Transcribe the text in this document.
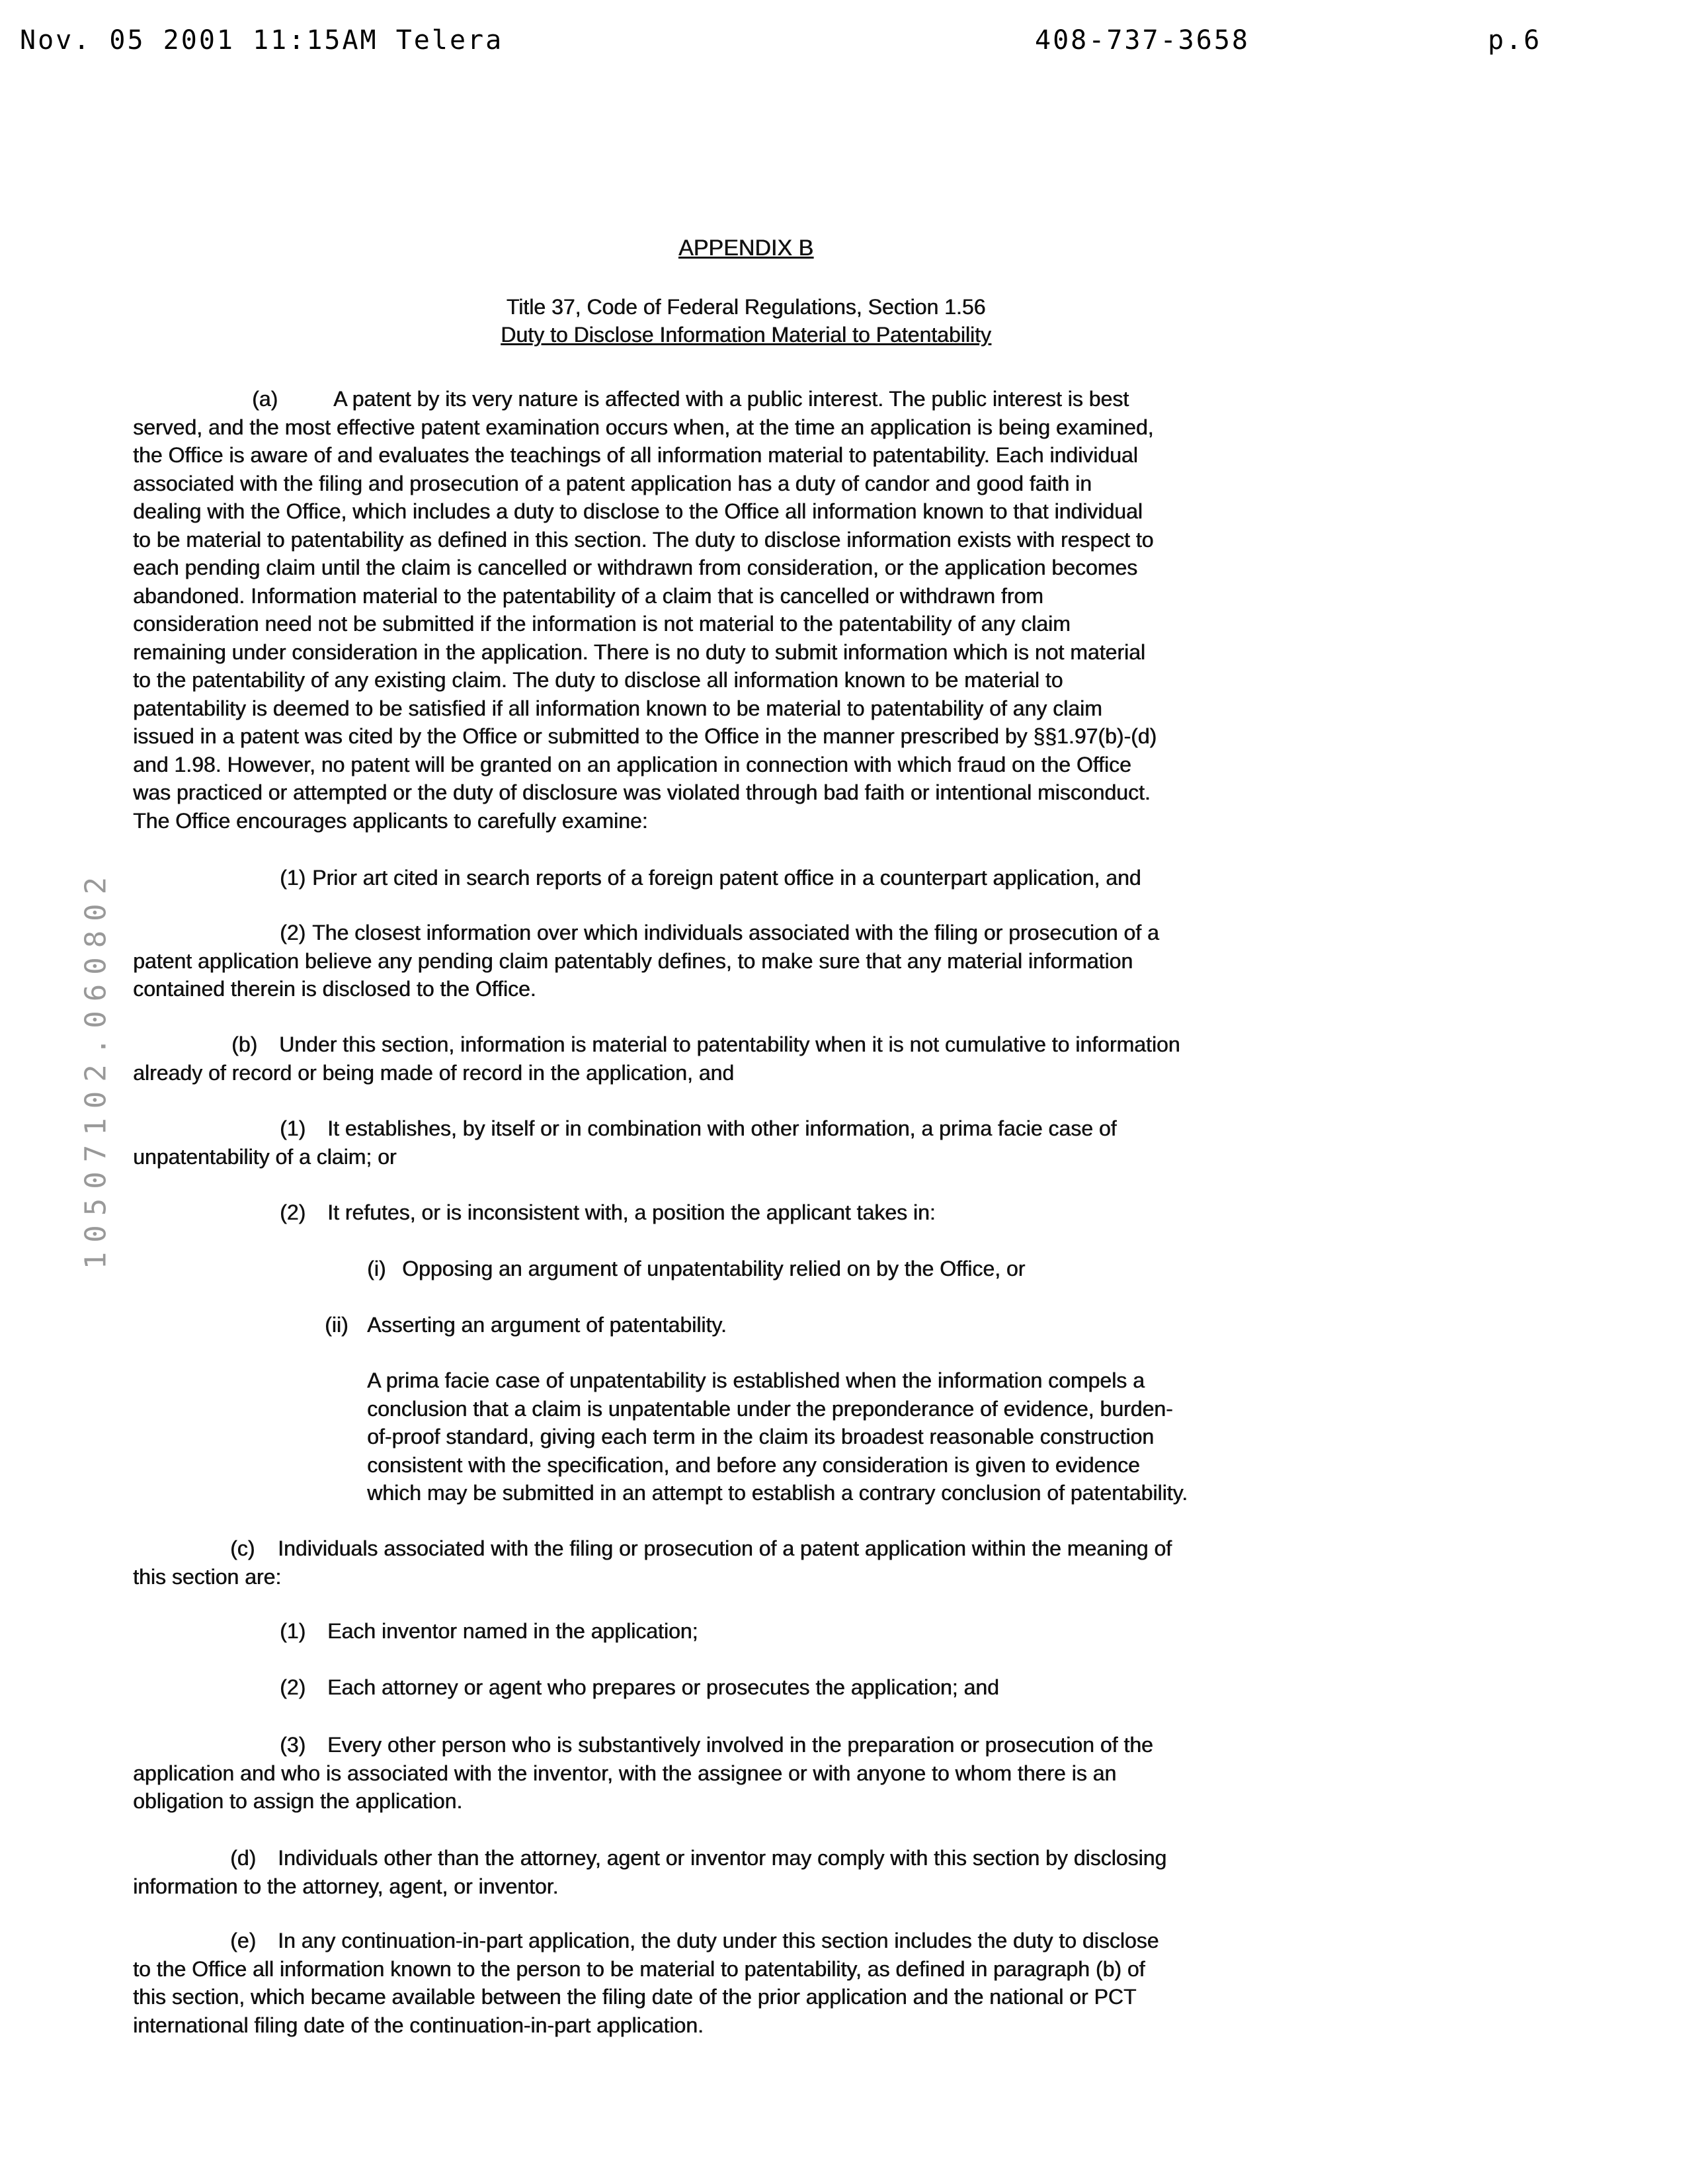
Nov. 05 2001 11:15AM Telera	408-737-3658	p.6
10507102.060802
APPENDIX B
Title 37, Code of Federal Regulations, Section 1.56
Duty to Disclose Information Material to Patentability
(a)	A patent by its very nature is affected with a public interest. The public interest is best
served, and the most effective patent examination occurs when, at the time an application is being examined,
the Office is aware of and evaluates the teachings of all information material to patentability. Each individual
associated with the filing and prosecution of a patent application has a duty of candor and good faith in
dealing with the Office, which includes a duty to disclose to the Office all information known to that individual
to be material to patentability as defined in this section. The duty to disclose information exists with respect to
each pending claim until the claim is cancelled or withdrawn from consideration, or the application becomes
abandoned. Information material to the patentability of a claim that is cancelled or withdrawn from
consideration need not be submitted if the information is not material to the patentability of any claim
remaining under consideration in the application. There is no duty to submit information which is not material
to the patentability of any existing claim. The duty to disclose all information known to be material to
patentability is deemed to be satisfied if all information known to be material to patentability of any claim
issued in a patent was cited by the Office or submitted to the Office in the manner prescribed by §§1.97(b)-(d)
and 1.98. However, no patent will be granted on an application in connection with which fraud on the Office
was practiced or attempted or the duty of disclosure was violated through bad faith or intentional misconduct.
The Office encourages applicants to carefully examine:
(1) Prior art cited in search reports of a foreign patent office in a counterpart application, and
(2) The closest information over which individuals associated with the filing or prosecution of a
patent application believe any pending claim patentably defines, to make sure that any material information
contained therein is disclosed to the Office.
(b) Under this section, information is material to patentability when it is not cumulative to information
already of record or being made of record in the application, and
(1) It establishes, by itself or in combination with other information, a prima facie case of
unpatentability of a claim; or
(2) It refutes, or is inconsistent with, a position the applicant takes in:
(i) Opposing an argument of unpatentability relied on by the Office, or
(ii) Asserting an argument of patentability.
A prima facie case of unpatentability is established when the information compels a
conclusion that a claim is unpatentable under the preponderance of evidence, burden-
of-proof standard, giving each term in the claim its broadest reasonable construction
consistent with the specification, and before any consideration is given to evidence
which may be submitted in an attempt to establish a contrary conclusion of patentability.
(c) Individuals associated with the filing or prosecution of a patent application within the meaning of
this section are:
(1) Each inventor named in the application;
(2) Each attorney or agent who prepares or prosecutes the application; and
(3) Every other person who is substantively involved in the preparation or prosecution of the
application and who is associated with the inventor, with the assignee or with anyone to whom there is an
obligation to assign the application.
(d) Individuals other than the attorney, agent or inventor may comply with this section by disclosing
information to the attorney, agent, or inventor.
(e) In any continuation-in-part application, the duty under this section includes the duty to disclose
to the Office all information known to the person to be material to patentability, as defined in paragraph (b) of
this section, which became available between the filing date of the prior application and the national or PCT
international filing date of the continuation-in-part application.
